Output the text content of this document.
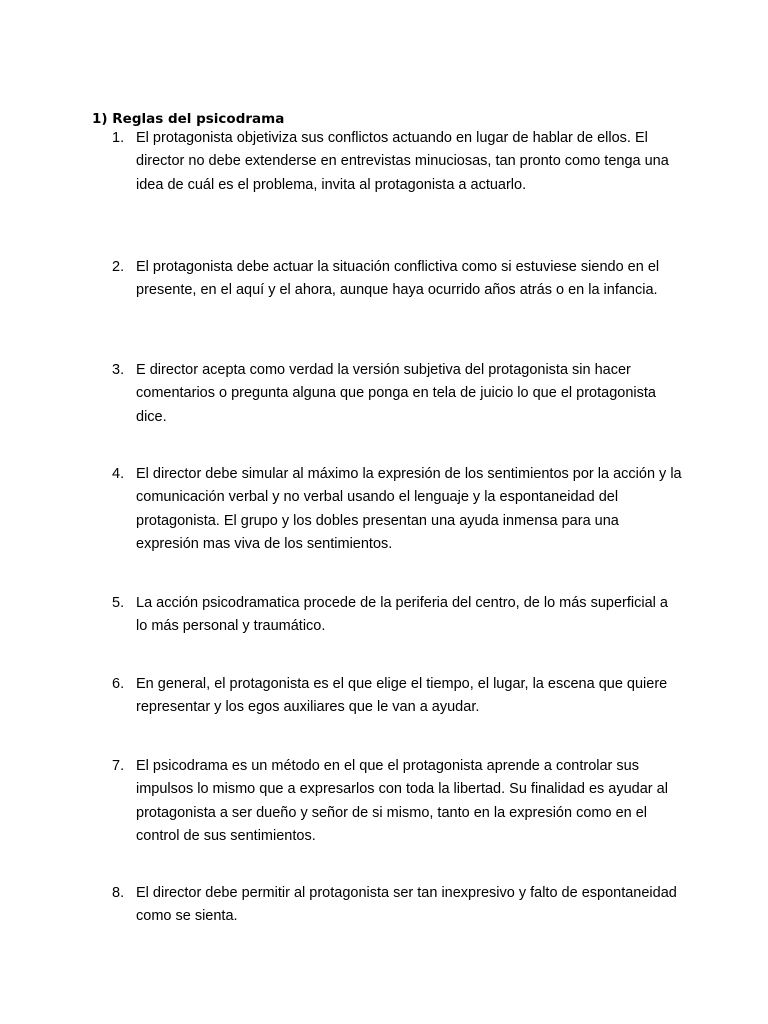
1) Reglas del psicodrama
1. El protagonista objetiviza sus conflictos actuando en lugar de hablar de ellos. El director no debe extenderse en entrevistas minuciosas, tan pronto como tenga una idea de cuál es el problema, invita al protagonista a actuarlo.
2. El protagonista debe actuar la situación conflictiva como si estuviese siendo en el presente, en el aquí y el ahora, aunque haya ocurrido años atrás o en la infancia.
3. E director acepta como verdad la versión subjetiva del protagonista sin hacer comentarios o pregunta alguna que ponga en tela de juicio lo que el protagonista dice.
4. El director debe simular al máximo la expresión de los sentimientos por la acción y la comunicación verbal y no verbal usando el lenguaje y la espontaneidad del protagonista. El grupo y los dobles presentan una ayuda inmensa para una expresión mas viva de los sentimientos.
5. La acción psicodramatica procede de la periferia del centro, de lo más superficial a lo más personal y traumático.
6. En general, el protagonista es el que elige el tiempo, el lugar, la escena que quiere representar y los egos auxiliares que le van a ayudar.
7. El psicodrama es un método en el que el protagonista aprende a controlar sus impulsos lo mismo que a expresarlos con toda la libertad. Su finalidad es ayudar al protagonista a ser dueño y señor de si mismo, tanto en la expresión como en el control de sus sentimientos.
8. El director debe permitir al protagonista ser tan inexpresivo y falto de espontaneidad como se sienta.
